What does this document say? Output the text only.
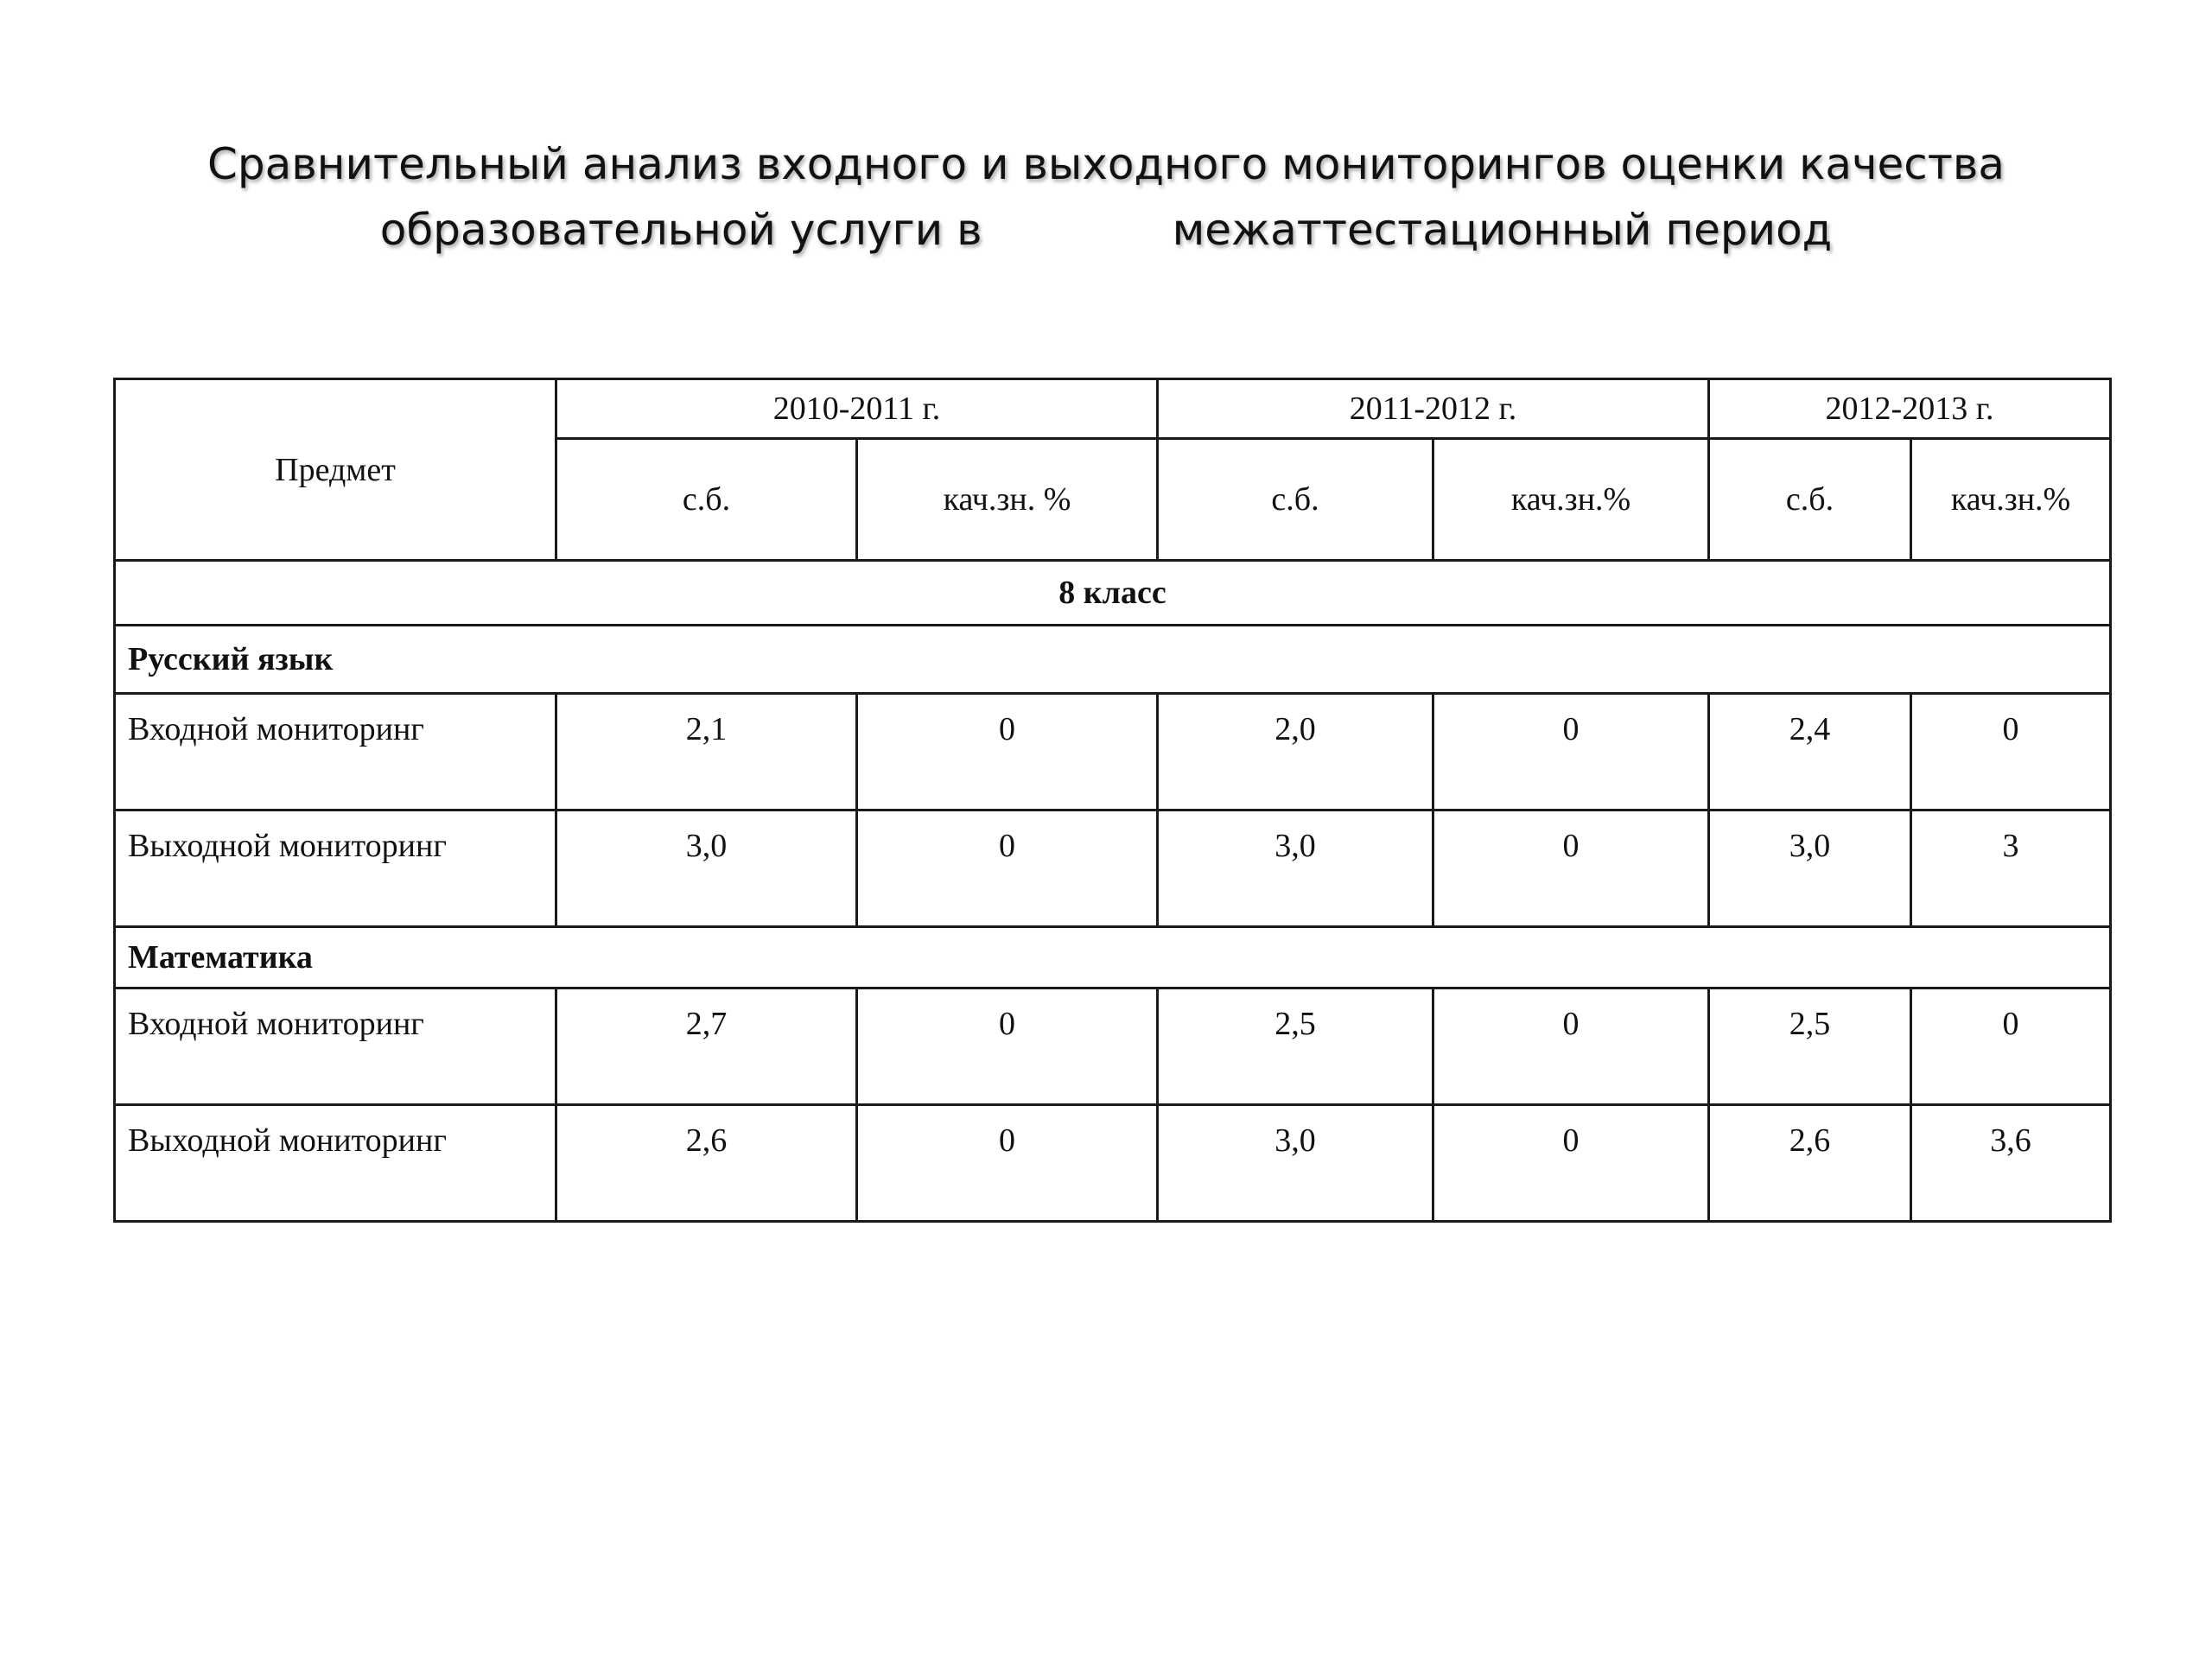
Сравнительный анализ входного и выходного мониторингов оценки качества
образовательной услуги в	межаттестационный период
Предмет	2010-2011 г.		2011-2012 г.		2012-2013 г.	
	с.б.	кач.зн. %	с.б.	кач.зн.%	с.б.	кач.зн.%
8 класс						
Русский язык						
Входной мониторинг	2,1	0	2,0	0	2,4	0
Выходной мониторинг	3,0	0	3,0	0	3,0	3
Математика						
Входной мониторинг	2,7	0	2,5	0	2,5	0
Выходной мониторинг	2,6	0	3,0	0	2,6	3,6
